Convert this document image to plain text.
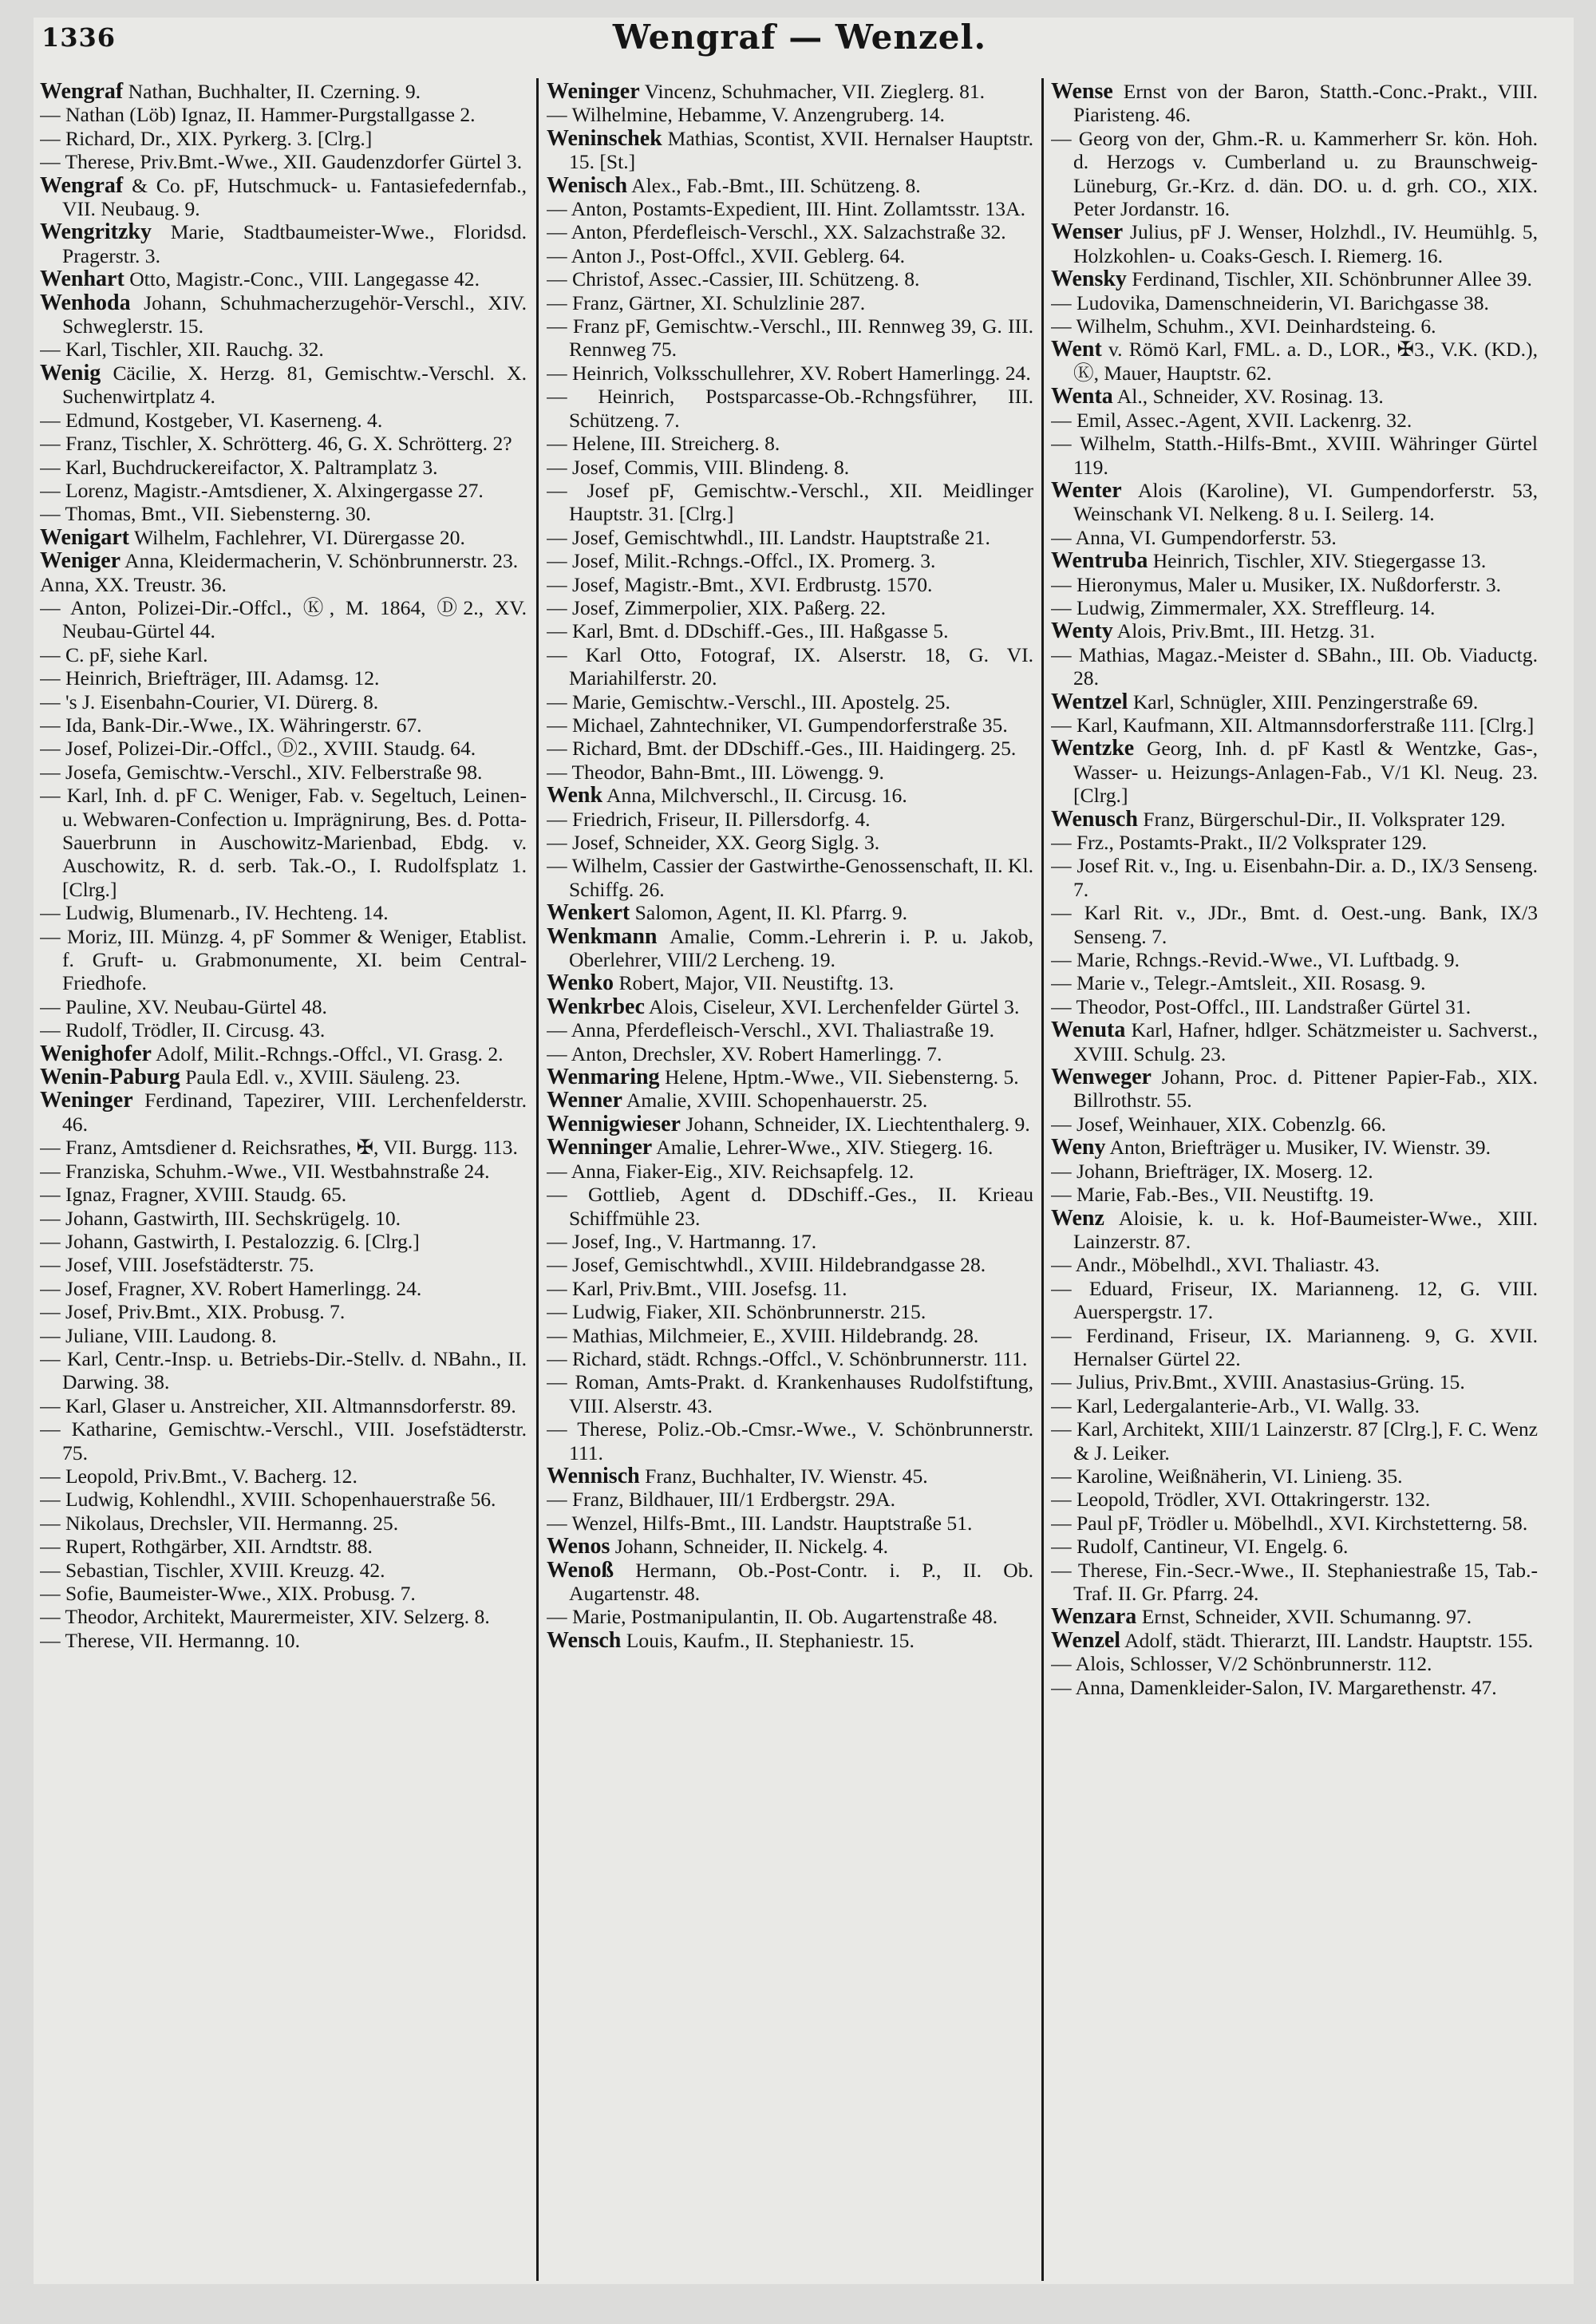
1336	Wengraf — Wenzel.
Wengraf Nathan, Buchhalter, II. Czerning. 9.
— Nathan (Löb) Ignaz, II. Hammer-Purgstallgasse 2.
— Richard, Dr., XIX. Pyrkerg. 3. [Clrg.]
— Therese, Priv.Bmt.-Wwe., XII. Gaudenzdorfer Gürtel 3.
Wengraf & Co. pF, Hutschmuck- u. Fantasiefedernfab., VII. Neubaug. 9.
Wengritzky Marie, Stadtbaumeister-Wwe., Floridsd. Pragerstr. 3.
Wenhart Otto, Magistr.-Conc., VIII. Langegasse 42.
Wenhoda Johann, Schuhmacherzugehör-Verschl., XIV. Schweglerstr. 15.
— Karl, Tischler, XII. Rauchg. 32.
Wenig Cäcilie, X. Herzg. 81, Gemischtw.-Verschl. X. Suchenwirtplatz 4.
— Edmund, Kostgeber, VI. Kaserneng. 4.
— Franz, Tischler, X. Schrötterg. 46, G. X. Schrötterg. 2?
— Karl, Buchdruckereifactor, X. Paltramplatz 3.
— Lorenz, Magistr.-Amtsdiener, X. Alxingergasse 27.
— Thomas, Bmt., VII. Siebensterng. 30.
Wenigart Wilhelm, Fachlehrer, VI. Dürergasse 20.
Weniger Anna, Kleidermacherin, V. Schönbrunnerstr. 23.
Anna, XX. Treustr. 36.
— Anton, Polizei-Dir.-Offcl., Ⓚ, M. 1864, Ⓓ2., XV. Neubau-Gürtel 44.
— C. pF, siehe Karl.
— Heinrich, Briefträger, III. Adamsg. 12.
— 's J. Eisenbahn-Courier, VI. Dürerg. 8.
— Ida, Bank-Dir.-Wwe., IX. Währingerstr. 67.
— Josef, Polizei-Dir.-Offcl., Ⓓ2., XVIII. Staudg. 64.
— Josefa, Gemischtw.-Verschl., XIV. Felberstraße 98.
— Karl, Inh. d. pF C. Weniger, Fab. v. Segeltuch, Leinen- u. Webwaren-Confection u. Imprägnirung, Bes. d. Potta-Sauerbrunn in Auschowitz-Marienbad, Ebdg. v. Auschowitz, R. d. serb. Tak.-O., I. Rudolfsplatz 1. [Clrg.]
— Ludwig, Blumenarb., IV. Hechteng. 14.
— Moriz, III. Münzg. 4, pF Sommer & Weniger, Etablist. f. Gruft- u. Grabmonumente, XI. beim Central-Friedhofe.
— Pauline, XV. Neubau-Gürtel 48.
— Rudolf, Trödler, II. Circusg. 43.
Wenighofer Adolf, Milit.-Rchngs.-Offcl., VI. Grasg. 2.
Wenin-Paburg Paula Edl. v., XVIII. Säuleng. 23.
Weninger Ferdinand, Tapezirer, VIII. Lerchenfelderstr. 46.
— Franz, Amtsdiener d. Reichsrathes, ✠, VII. Burgg. 113.
— Franziska, Schuhm.-Wwe., VII. Westbahnstraße 24.
— Ignaz, Fragner, XVIII. Staudg. 65.
— Johann, Gastwirth, III. Sechskrügelg. 10.
— Johann, Gastwirth, I. Pestalozzig. 6. [Clrg.]
— Josef, VIII. Josefstädterstr. 75.
— Josef, Fragner, XV. Robert Hamerlingg. 24.
— Josef, Priv.Bmt., XIX. Probusg. 7.
— Juliane, VIII. Laudong. 8.
— Karl, Centr.-Insp. u. Betriebs-Dir.-Stellv. d. NBahn., II. Darwing. 38.
— Karl, Glaser u. Anstreicher, XII. Altmannsdorferstr. 89.
— Katharine, Gemischtw.-Verschl., VIII. Josefstädterstr. 75.
— Leopold, Priv.Bmt., V. Bacherg. 12.
— Ludwig, Kohlendhl., XVIII. Schopenhauerstraße 56.
— Nikolaus, Drechsler, VII. Hermanng. 25.
— Rupert, Rothgärber, XII. Arndtstr. 88.
— Sebastian, Tischler, XVIII. Kreuzg. 42.
— Sofie, Baumeister-Wwe., XIX. Probusg. 7.
— Theodor, Architekt, Maurermeister, XIV. Selzerg. 8.
— Therese, VII. Hermanng. 10.
Weninger Vincenz, Schuhmacher, VII. Zieglerg. 81.
— Wilhelmine, Hebamme, V. Anzengruberg. 14.
Weninschek Mathias, Scontist, XVII. Hernalser Hauptstr. 15. [St.]
Wenisch Alex., Fab.-Bmt., III. Schützeng. 8.
— Anton, Postamts-Expedient, III. Hint. Zollamtsstr. 13A.
— Anton, Pferdefleisch-Verschl., XX. Salzachstraße 32.
— Anton J., Post-Offcl., XVII. Geblerg. 64.
— Christof, Assec.-Cassier, III. Schützeng. 8.
— Franz, Gärtner, XI. Schulzlinie 287.
— Franz pF, Gemischtw.-Verschl., III. Rennweg 39, G. III. Rennweg 75.
— Heinrich, Volksschullehrer, XV. Robert Hamerlingg. 24.
— Heinrich, Postsparcasse-Ob.-Rchngsführer, III. Schützeng. 7.
— Helene, III. Streicherg. 8.
— Josef, Commis, VIII. Blindeng. 8.
— Josef pF, Gemischtw.-Verschl., XII. Meidlinger Hauptstr. 31. [Clrg.]
— Josef, Gemischtwhdl., III. Landstr. Hauptstraße 21.
— Josef, Milit.-Rchngs.-Offcl., IX. Promerg. 3.
— Josef, Magistr.-Bmt., XVI. Erdbrustg. 1570.
— Josef, Zimmerpolier, XIX. Paßerg. 22.
— Karl, Bmt. d. DDschiff.-Ges., III. Haßgasse 5.
— Karl Otto, Fotograf, IX. Alserstr. 18, G. VI. Mariahilferstr. 20.
— Marie, Gemischtw.-Verschl., III. Apostelg. 25.
— Michael, Zahntechniker, VI. Gumpendorferstraße 35.
— Richard, Bmt. der DDschiff.-Ges., III. Haidingerg. 25.
— Theodor, Bahn-Bmt., III. Löwengg. 9.
Wenk Anna, Milchverschl., II. Circusg. 16.
— Friedrich, Friseur, II. Pillersdorfg. 4.
— Josef, Schneider, XX. Georg Siglg. 3.
— Wilhelm, Cassier der Gastwirthe-Genossenschaft, II. Kl. Schiffg. 26.
Wenkert Salomon, Agent, II. Kl. Pfarrg. 9.
Wenkmann Amalie, Comm.-Lehrerin i. P. u. Jakob, Oberlehrer, VIII/2 Lercheng. 19.
Wenko Robert, Major, VII. Neustiftg. 13.
Wenkrbec Alois, Ciseleur, XVI. Lerchenfelder Gürtel 3.
— Anna, Pferdefleisch-Verschl., XVI. Thaliastraße 19.
— Anton, Drechsler, XV. Robert Hamerlingg. 7.
Wenmaring Helene, Hptm.-Wwe., VII. Siebensterng. 5.
Wenner Amalie, XVIII. Schopenhauerstr. 25.
Wennigwieser Johann, Schneider, IX. Liechtenthalerg. 9.
Wenninger Amalie, Lehrer-Wwe., XIV. Stiegerg. 16.
— Anna, Fiaker-Eig., XIV. Reichsapfelg. 12.
— Gottlieb, Agent d. DDschiff.-Ges., II. Krieau Schiffmühle 23.
— Josef, Ing., V. Hartmanng. 17.
— Josef, Gemischtwhdl., XVIII. Hildebrandgasse 28.
— Karl, Priv.Bmt., VIII. Josefsg. 11.
— Ludwig, Fiaker, XII. Schönbrunnerstr. 215.
— Mathias, Milchmeier, E., XVIII. Hildebrandg. 28.
— Richard, städt. Rchngs.-Offcl., V. Schönbrunnerstr. 111.
— Roman, Amts-Prakt. d. Krankenhauses Rudolfstiftung, VIII. Alserstr. 43.
— Therese, Poliz.-Ob.-Cmsr.-Wwe., V. Schönbrunnerstr. 111.
Wennisch Franz, Buchhalter, IV. Wienstr. 45.
— Franz, Bildhauer, III/1 Erdbergstr. 29A.
— Wenzel, Hilfs-Bmt., III. Landstr. Hauptstraße 51.
Wenos Johann, Schneider, II. Nickelg. 4.
Wenoß Hermann, Ob.-Post-Contr. i. P., II. Ob. Augartenstr. 48.
— Marie, Postmanipulantin, II. Ob. Augartenstraße 48.
Wensch Louis, Kaufm., II. Stephaniestr. 15.
Wense Ernst von der Baron, Statth.-Conc.-Prakt., VIII. Piaristeng. 46.
— Georg von der, Ghm.-R. u. Kammerherr Sr. kön. Hoh. d. Herzogs v. Cumberland u. zu Braunschweig-Lüneburg, Gr.-Krz. d. dän. DO. u. d. grh. CO., XIX. Peter Jordanstr. 16.
Wenser Julius, pF J. Wenser, Holzhdl., IV. Heumühlg. 5, Holzkohlen- u. Coaks-Gesch. I. Riemerg. 16.
Wensky Ferdinand, Tischler, XII. Schönbrunner Allee 39.
— Ludovika, Damenschneiderin, VI. Barichgasse 38.
— Wilhelm, Schuhm., XVI. Deinhardsteing. 6.
Went v. Römö Karl, FML. a. D., LOR., ✠3., V.K. (KD.), Ⓚ, Mauer, Hauptstr. 62.
Wenta Al., Schneider, XV. Rosinag. 13.
— Emil, Assec.-Agent, XVII. Lackenrg. 32.
— Wilhelm, Statth.-Hilfs-Bmt., XVIII. Währinger Gürtel 119.
Wenter Alois (Karoline), VI. Gumpendorferstr. 53, Weinschank VI. Nelkeng. 8 u. I. Seilerg. 14.
— Anna, VI. Gumpendorferstr. 53.
Wentruba Heinrich, Tischler, XIV. Stiegergasse 13.
— Hieronymus, Maler u. Musiker, IX. Nußdorferstr. 3.
— Ludwig, Zimmermaler, XX. Streffleurg. 14.
Wenty Alois, Priv.Bmt., III. Hetzg. 31.
— Mathias, Magaz.-Meister d. SBahn., III. Ob. Viaductg. 28.
Wentzel Karl, Schnügler, XIII. Penzingerstraße 69.
— Karl, Kaufmann, XII. Altmannsdorferstraße 111. [Clrg.]
Wentzke Georg, Inh. d. pF Kastl & Wentzke, Gas-, Wasser- u. Heizungs-Anlagen-Fab., V/1 Kl. Neug. 23. [Clrg.]
Wenusch Franz, Bürgerschul-Dir., II. Volksprater 129.
— Frz., Postamts-Prakt., II/2 Volksprater 129.
— Josef Rit. v., Ing. u. Eisenbahn-Dir. a. D., IX/3 Senseng. 7.
— Karl Rit. v., JDr., Bmt. d. Oest.-ung. Bank, IX/3 Senseng. 7.
— Marie, Rchngs.-Revid.-Wwe., VI. Luftbadg. 9.
— Marie v., Telegr.-Amtsleit., XII. Rosasg. 9.
— Theodor, Post-Offcl., III. Landstraßer Gürtel 31.
Wenuta Karl, Hafner, hdlger. Schätzmeister u. Sachverst., XVIII. Schulg. 23.
Wenweger Johann, Proc. d. Pittener Papier-Fab., XIX. Billrothstr. 55.
— Josef, Weinhauer, XIX. Cobenzlg. 66.
Weny Anton, Briefträger u. Musiker, IV. Wienstr. 39.
— Johann, Briefträger, IX. Moserg. 12.
— Marie, Fab.-Bes., VII. Neustiftg. 19.
Wenz Aloisie, k. u. k. Hof-Baumeister-Wwe., XIII. Lainzerstr. 87.
— Andr., Möbelhdl., XVI. Thaliastr. 43.
— Eduard, Friseur, IX. Marianneng. 12, G. VIII. Auerspergstr. 17.
— Ferdinand, Friseur, IX. Marianneng. 9, G. XVII. Hernalser Gürtel 22.
— Julius, Priv.Bmt., XVIII. Anastasius-Grüng. 15.
— Karl, Ledergalanterie-Arb., VI. Wallg. 33.
— Karl, Architekt, XIII/1 Lainzerstr. 87 [Clrg.], F. C. Wenz & J. Leiker.
— Karoline, Weißnäherin, VI. Linieng. 35.
— Leopold, Trödler, XVI. Ottakringerstr. 132.
— Paul pF, Trödler u. Möbelhdl., XVI. Kirchstetterng. 58.
— Rudolf, Cantineur, VI. Engelg. 6.
— Therese, Fin.-Secr.-Wwe., II. Stephaniestraße 15, Tab.-Traf. II. Gr. Pfarrg. 24.
Wenzara Ernst, Schneider, XVII. Schumanng. 97.
Wenzel Adolf, städt. Thierarzt, III. Landstr. Hauptstr. 155.
— Alois, Schlosser, V/2 Schönbrunnerstr. 112.
— Anna, Damenkleider-Salon, IV. Margarethenstr. 47.
